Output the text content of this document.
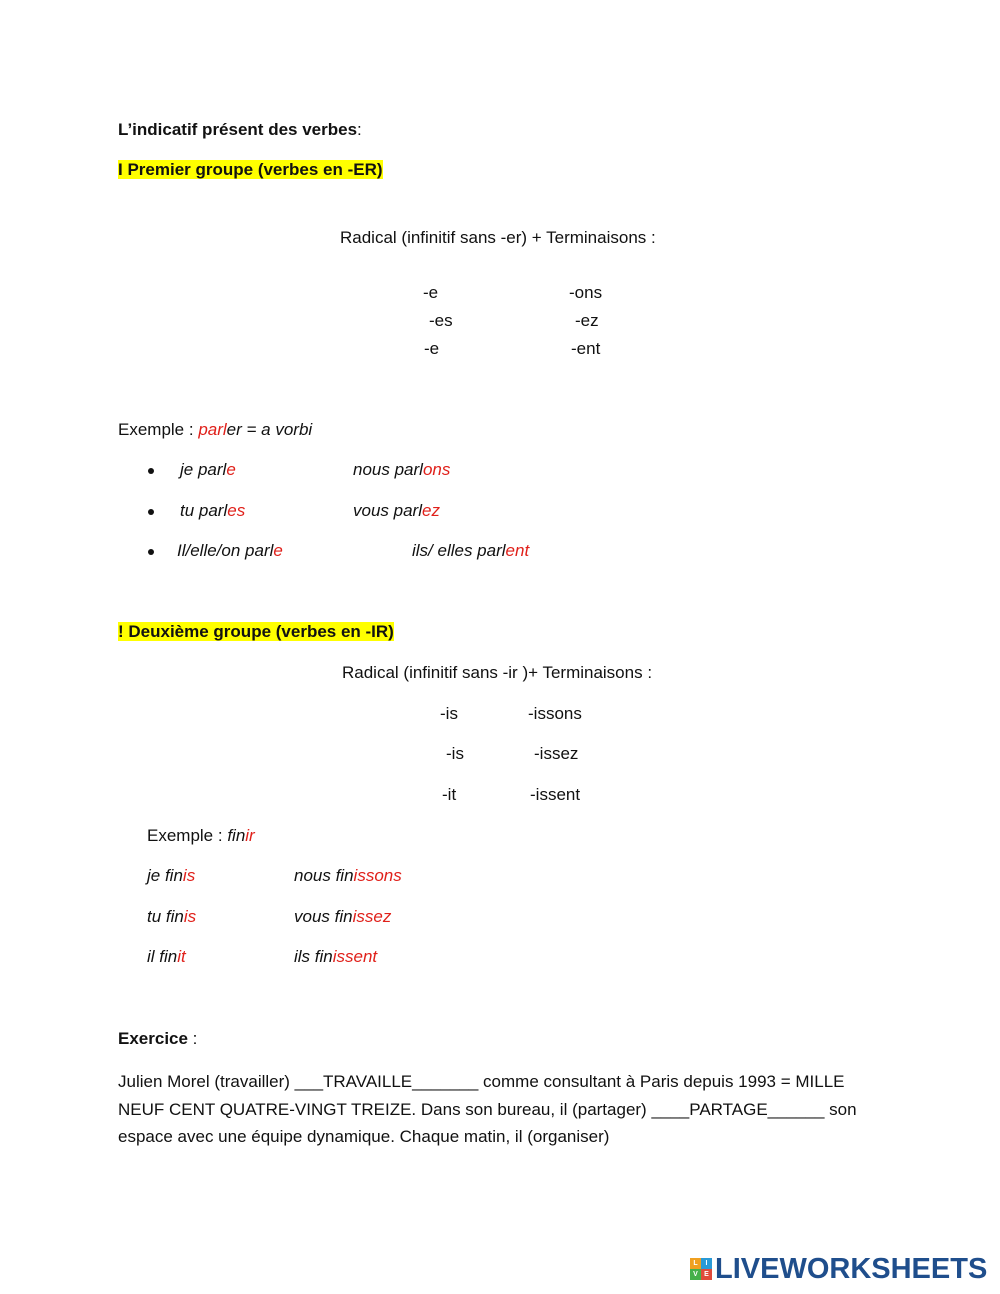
L’indicatif présent des verbes:
I Premier groupe (verbes en -ER)
Radical (infinitif sans -er) + Terminaisons :
-e	-ons
-es	-ez
-e	-ent
Exemple : parler = a vorbi
je parle	nous parlons
tu parles	vous parlez
Il/elle/on parle	ils/ elles parlent
! Deuxième groupe (verbes en -IR)
Radical (infinitif sans -ir )+ Terminaisons :
-is	-issons
-is	-issez
-it	-issent
Exemple : finir
je finis	nous finissons
tu finis	vous finissez
il finit	ils finissent
Exercice :
Julien Morel (travailler) ___TRAVAILLE_______ comme consultant à Paris depuis 1993 = MILLE NEUF CENT QUATRE-VINGT TREIZE. Dans son bureau, il (partager) ____PARTAGE______ son espace avec une équipe dynamique. Chaque matin, il (organiser)
L	I
V E LIVEWORKSHEETS
